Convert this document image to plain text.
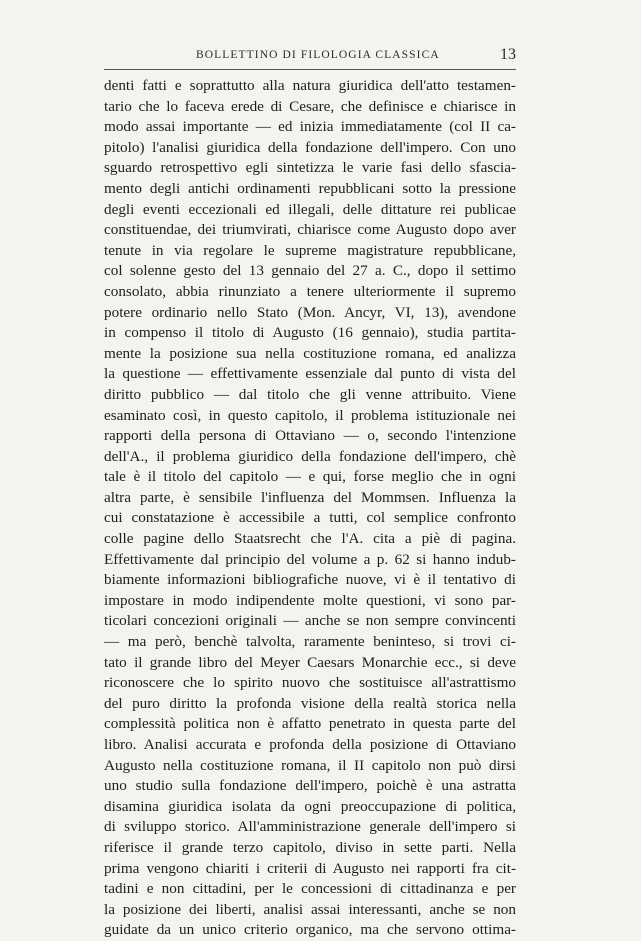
BOLLETTINO DI FILOLOGIA CLASSICA	13
denti fatti e soprattutto alla natura giuridica dell'atto testamen-
tario che lo faceva erede di Cesare, che definisce e chiarisce in
modo assai importante — ed inizia immediatamente (col II ca-
pitolo) l'analisi giuridica della fondazione dell'impero. Con uno
sguardo retrospettivo egli sintetizza le varie fasi dello sfascia-
mento degli antichi ordinamenti repubblicani sotto la pressione
degli eventi eccezionali ed illegali, delle dittature rei publicae
constituendae, dei triumvirati, chiarisce come Augusto dopo aver
tenute in via regolare le supreme magistrature repubblicane,
col solenne gesto del 13 gennaio del 27 a. C., dopo il settimo
consolato, abbia rinunziato a tenere ulteriormente il supremo
potere ordinario nello Stato (Mon. Ancyr, VI, 13), avendone
in compenso il titolo di Augusto (16 gennaio), studia partita-
mente la posizione sua nella costituzione romana, ed analizza
la questione — effettivamente essenziale dal punto di vista del
diritto pubblico — dal titolo che gli venne attribuito. Viene
esaminato così, in questo capitolo, il problema istituzionale nei
rapporti della persona di Ottaviano — o, secondo l'intenzione
dell'A., il problema giuridico della fondazione dell'impero, chè
tale è il titolo del capitolo — e qui, forse meglio che in ogni
altra parte, è sensibile l'influenza del Mommsen. Influenza la
cui constatazione è accessibile a tutti, col semplice confronto
colle pagine dello Staatsrecht che l'A. cita a piè di pagina.
Effettivamente dal principio del volume a p. 62 si hanno indub-
biamente informazioni bibliografiche nuove, vi è il tentativo di
impostare in modo indipendente molte questioni, vi sono par-
ticolari concezioni originali — anche se non sempre convincenti
— ma però, benchè talvolta, raramente beninteso, si trovi ci-
tato il grande libro del Meyer Caesars Monarchie ecc., si deve
riconoscere che lo spirito nuovo che sostituisce all'astrattismo
del puro diritto la profonda visione della realtà storica nella
complessità politica non è affatto penetrato in questa parte del
libro. Analisi accurata e profonda della posizione di Ottaviano
Augusto nella costituzione romana, il II capitolo non può dirsi
uno studio sulla fondazione dell'impero, poichè è una astratta
disamina giuridica isolata da ogni preoccupazione di politica,
di sviluppo storico. All'amministrazione generale dell'impero si
riferisce il grande terzo capitolo, diviso in sette parti. Nella
prima vengono chiariti i criterii di Augusto nei rapporti fra cit-
tadini e non cittadini, per le concessioni di cittadinanza e per
la posizione dei liberti, analisi assai interessanti, anche se non
guidate da un unico criterio organico, ma che servono ottima-
